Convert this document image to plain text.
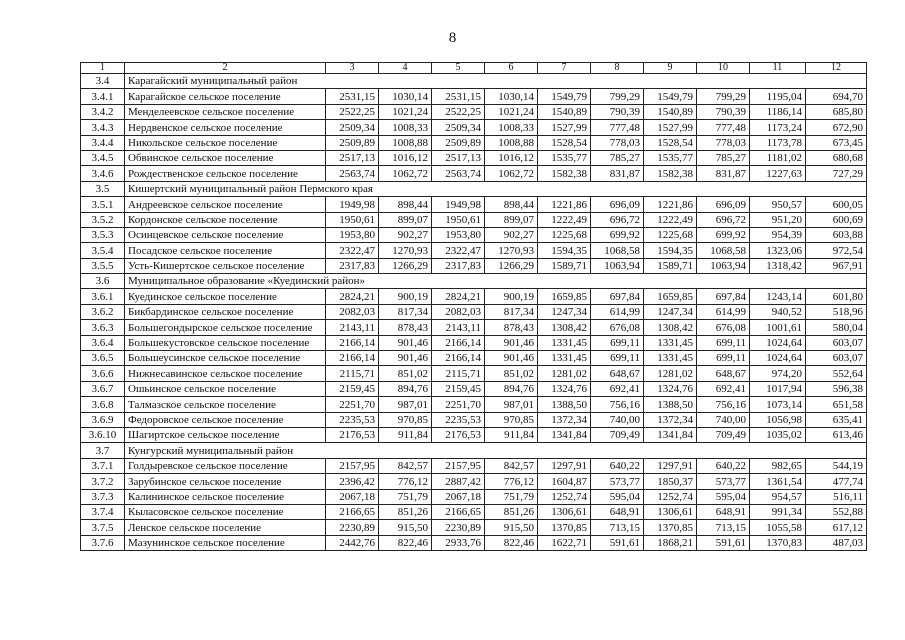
8
1	2	3	4	5	6	7	8	9	10	11	12
3.4	Карагайский муниципальный район										
3.4.1	Карагайское сельское поселение	2531,15	1030,14	2531,15	1030,14	1549,79	799,29	1549,79	799,29	1195,04	694,70
3.4.2	Менделеевское сельское поселение	2522,25	1021,24	2522,25	1021,24	1540,89	790,39	1540,89	790,39	1186,14	685,80
3.4.3	Нердвенское сельское поселение	2509,34	1008,33	2509,34	1008,33	1527,99	777,48	1527,99	777,48	1173,24	672,90
3.4.4	Никольское сельское поселение	2509,89	1008,88	2509,89	1008,88	1528,54	778,03	1528,54	778,03	1173,78	673,45
3.4.5	Обвинское сельское поселение	2517,13	1016,12	2517,13	1016,12	1535,77	785,27	1535,77	785,27	1181,02	680,68
3.4.6	Рождественское сельское поселение	2563,74	1062,72	2563,74	1062,72	1582,38	831,87	1582,38	831,87	1227,63	727,29
3.5	Кишертский муниципальный район Пермского края										
3.5.1	Андреевское сельское поселение	1949,98	898,44	1949,98	898,44	1221,86	696,09	1221,86	696,09	950,57	600,05
3.5.2	Кордонское сельское поселение	1950,61	899,07	1950,61	899,07	1222,49	696,72	1222,49	696,72	951,20	600,69
3.5.3	Осинцевское сельское поселение	1953,80	902,27	1953,80	902,27	1225,68	699,92	1225,68	699,92	954,39	603,88
3.5.4	Посадское сельское поселение	2322,47	1270,93	2322,47	1270,93	1594,35	1068,58	1594,35	1068,58	1323,06	972,54
3.5.5	Усть-Кишертское сельское поселение	2317,83	1266,29	2317,83	1266,29	1589,71	1063,94	1589,71	1063,94	1318,42	967,91
3.6	Муниципальное образование «Куединский район»										
3.6.1	Куединское сельское поселение	2824,21	900,19	2824,21	900,19	1659,85	697,84	1659,85	697,84	1243,14	601,80
3.6.2	Бикбардинское сельское поселение	2082,03	817,34	2082,03	817,34	1247,34	614,99	1247,34	614,99	940,52	518,96
3.6.3	Большегондырское сельское поселение	2143,11	878,43	2143,11	878,43	1308,42	676,08	1308,42	676,08	1001,61	580,04
3.6.4	Большекустовское сельское поселение	2166,14	901,46	2166,14	901,46	1331,45	699,11	1331,45	699,11	1024,64	603,07
3.6.5	Большеусинское сельское поселение	2166,14	901,46	2166,14	901,46	1331,45	699,11	1331,45	699,11	1024,64	603,07
3.6.6	Нижнесавинское сельское поселение	2115,71	851,02	2115,71	851,02	1281,02	648,67	1281,02	648,67	974,20	552,64
3.6.7	Ошьинское сельское поселение	2159,45	894,76	2159,45	894,76	1324,76	692,41	1324,76	692,41	1017,94	596,38
3.6.8	Талмазское сельское поселение	2251,70	987,01	2251,70	987,01	1388,50	756,16	1388,50	756,16	1073,14	651,58
3.6.9	Федоровское сельское поселение	2235,53	970,85	2235,53	970,85	1372,34	740,00	1372,34	740,00	1056,98	635,41
3.6.10	Шагиртское сельское поселение	2176,53	911,84	2176,53	911,84	1341,84	709,49	1341,84	709,49	1035,02	613,46
3.7	Кунгурский муниципальный район										
3.7.1	Голдыревское сельское поселение	2157,95	842,57	2157,95	842,57	1297,91	640,22	1297,91	640,22	982,65	544,19
3.7.2	Зарубинское сельское поселение	2396,42	776,12	2887,42	776,12	1604,87	573,77	1850,37	573,77	1361,54	477,74
3.7.3	Калининское сельское поселение	2067,18	751,79	2067,18	751,79	1252,74	595,04	1252,74	595,04	954,57	516,11
3.7.4	Кыласовское сельское поселение	2166,65	851,26	2166,65	851,26	1306,61	648,91	1306,61	648,91	991,34	552,88
3.7.5	Ленское сельское поселение	2230,89	915,50	2230,89	915,50	1370,85	713,15	1370,85	713,15	1055,58	617,12
3.7.6	Мазунинское сельское поселение	2442,76	822,46	2933,76	822,46	1622,71	591,61	1868,21	591,61	1370,83	487,03
